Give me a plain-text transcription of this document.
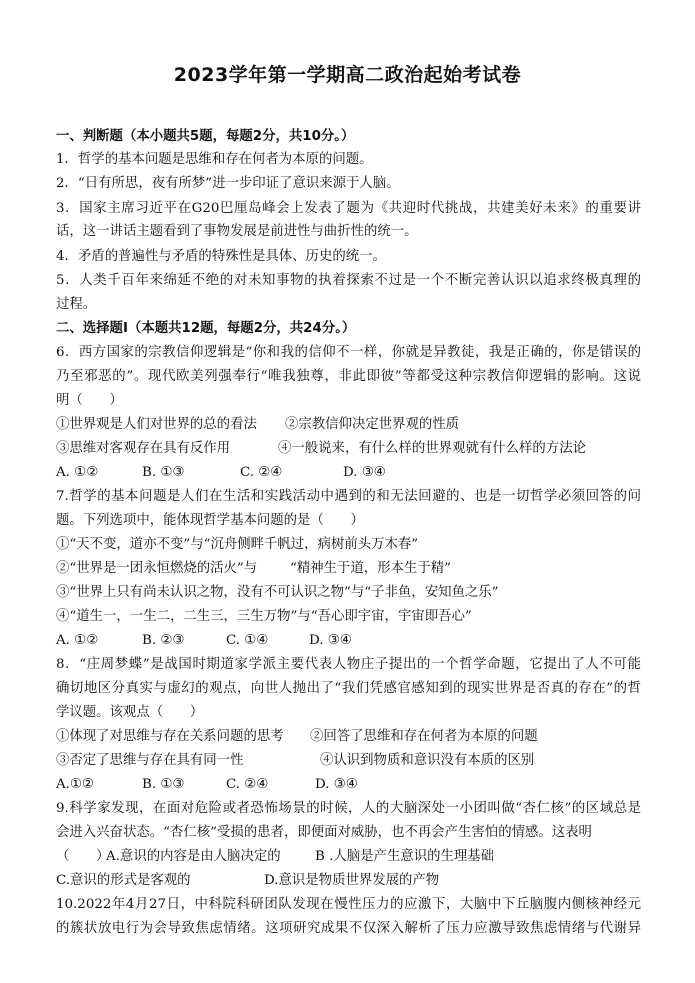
2023学年第一学期高二政治起始考试卷
一、判断题（本小题共5题，每题2分，共10分。）
1．哲学的基本问题是思维和存在何者为本原的问题。
2．“日有所思，夜有所梦”进一步印证了意识来源于人脑。
3．国家主席习近平在G20巴厘岛峰会上发表了题为《共迎时代挑战，共建美好未来》的重要讲
话，这一讲话主题看到了事物发展是前进性与曲折性的统一。
4．矛盾的普遍性与矛盾的特殊性是具体、历史的统一。
5．人类千百年来绵延不绝的对未知事物的执着探索不过是一个不断完善认识以追求终极真理的
过程。
二、选择题Ⅰ（本题共12题，每题2分，共24分。）
6．西方国家的宗教信仰逻辑是“你和我的信仰不一样，你就是异教徒，我是正确的，你是错误的
乃至邪恶的”。现代欧美列强奉行“唯我独尊，非此即彼”等都受这种宗教信仰逻辑的影响。这说
明（　　）
①世界观是人们对世界的总的看法 ②宗教信仰决定世界观的性质
③思维对客观存在具有反作用	④一般说来，有什么样的世界观就有什么样的方法论
A. ①②	B. ①③	C. ②④	D. ③④
7.哲学的基本问题是人们在生活和实践活动中遇到的和无法回避的、也是一切哲学必须回答的问
题。下列选项中，能体现哲学基本问题的是（　　）
①“天不变，道亦不变”与“沉舟侧畔千帆过，病树前头万木春”
②“世界是一团永恒燃烧的活火”与 “精神生于道，形本生于精”
③“世界上只有尚未认识之物，没有不可认识之物”与“子非鱼，安知鱼之乐”
④“道生一，一生二，二生三，三生万物”与“吾心即宇宙，宇宙即吾心”
A. ①②	B. ②③	C. ①④	D. ③④
8．“庄周梦蝶”是战国时期道家学派主要代表人物庄子提出的一个哲学命题，它提出了人不可能
确切地区分真实与虚幻的观点，向世人抛出了“我们凭感官感知到的现实世界是否真的存在”的哲
学议题。该观点（　　）
①体现了对思维与存在关系问题的思考 ②回答了思维和存在何者为本原的问题
③否定了思维与存在具有同一性	④认识到物质和意识没有本质的区别
A.①②	B. ①③	C. ②④	D. ③④
9.科学家发现，在面对危险或者恐怖场景的时候，人的大脑深处一小团叫做“杏仁核”的区域总是
会进入兴奋状态。“杏仁核”受损的患者，即便面对威胁，也不再会产生害怕的情感。这表明
（　　）
A.意识的内容是由人脑决定的	B .人脑是产生意识的生理基础
C.意识的形式是客观的	D.意识是物质世界发展的产物
10.2022年4月27日，中科院科研团队发现在慢性压力的应激下，大脑中下丘脑腹内侧核神经元
的簇状放电行为会导致焦虑情绪。这项研究成果不仅深入解析了压力应激导致焦虑情绪与代谢异
